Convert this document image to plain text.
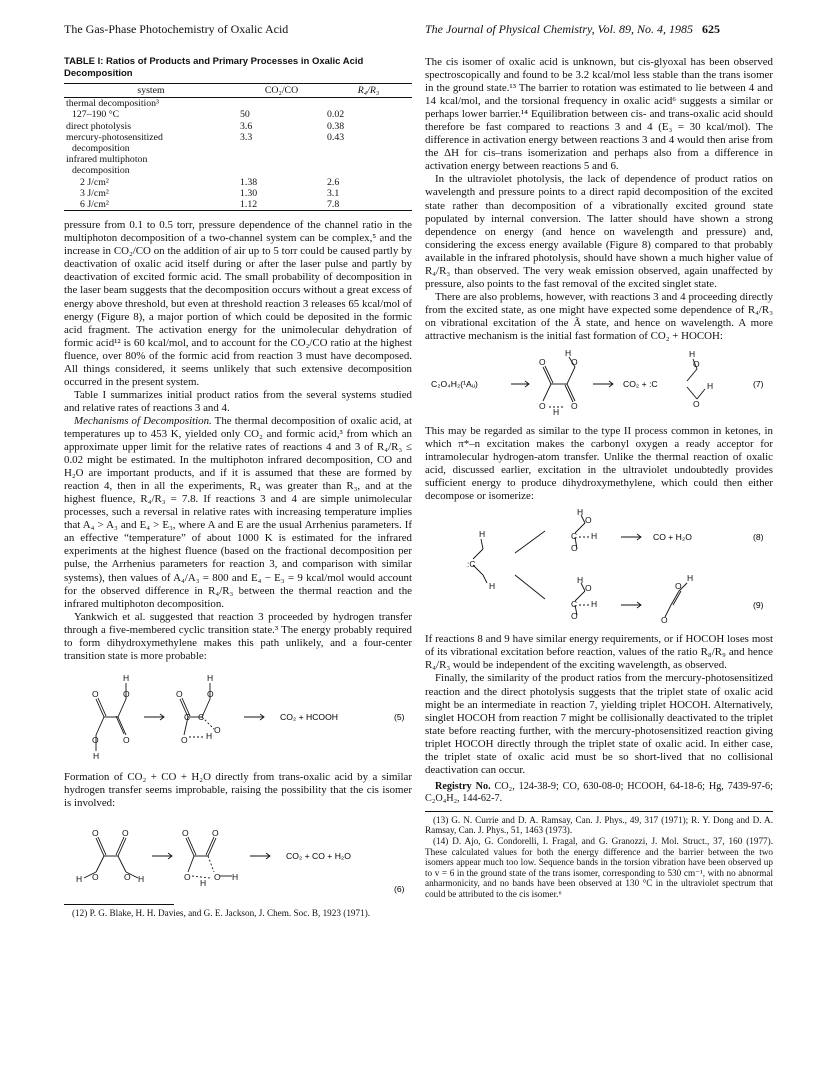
The Gas-Phase Photochemistry of Oxalic Acid	The Journal of Physical Chemistry, Vol. 89, No. 4, 1985 625
TABLE I: Ratios of Products and Primary Processes in Oxalic Acid Decomposition
system	CO₂/CO	R₄/R₃
thermal decomposition³		
127–190 °C	50	0.02
direct photolysis	3.6	0.38
mercury-photosensitized	3.3	0.43
decomposition		
infrared multiphoton		
decomposition		
2 J/cm²	1.38	2.6
3 J/cm²	1.30	3.1
6 J/cm²	1.12	7.8

pressure from 0.1 to 0.5 torr, pressure dependence of the channel ratio in the multiphoton decomposition of a two-channel system can be complex,⁵ and the increase in CO₂/CO on the addition of air up to 5 torr could be caused partly by deactivation of oxalic acid itself during or after the laser pulse and partly by deactivation of excited formic acid. The small probability of decomposition in the laser beam suggests that the decomposition occurs without a great excess of energy above threshold, but even at threshold reaction 3 releases 65 kcal/mol of energy (Figure 8), a major portion of which could be deposited in the formic acid fragment. The activation energy for the unimolecular dehydration of formic acid¹² is 60 kcal/mol, and to account for the CO₂/CO ratio at the highest fluence, over 80% of the formic acid from reaction 3 must have decomposed. All things considered, it seems unlikely that such extensive decomposition occurred in the present system.

Table I summarizes initial product ratios from the several systems studied and relative rates of reactions 3 and 4.

Mechanisms of Decomposition. The thermal decomposition of oxalic acid, at temperatures up to 453 K, yielded only CO₂ and formic acid,³ from which an approximate upper limit for the relative rates of reactions 4 and 3 of R₄/R₃ ≤ 0.02 might be estimated. In the multiphoton infrared decomposition, CO and H₂O are important products, and if it is assumed that these are formed by reaction 4, then in all the experiments, R₄ was greater than R₃, and at the highest fluence, R₄/R₃ = 7.8. If reactions 3 and 4 are simple unimolecular processes, such a reversal in relative rates with increasing temperature implies that A₄ > A₃ and E₄ > E₃, where A and E are the usual Arrhenius parameters. If an effective “temperature” of about 1000 K is estimated for the infrared experiments at the highest fluence (based on the fractional decomposition per pulse, the Arrhenius parameters for reaction 3, and comparison with similar systems), then values of A₄/A₃ = 800 and E₄ − E₃ = 9 kcal/mol would account for the observed difference in R₄/R₃ between the thermal reaction and the infrared multiphoton decomposition.

Yankwich et al. suggested that reaction 3 proceeded by hydrogen transfer through a five-membered cyclic transition state.³ The energy probably required to form dihydroxymethylene makes this path unlikely, and a four-center transition state is more probable:

O
O
H
O
H
O
O
O H
O
H
O
C C	CO₂ + HCOOH	(5)

Formation of CO₂ + CO + H₂O directly from trans-oxalic acid by a similar hydrogen transfer seems improbable, raising the possibility that the cis isomer is involved:

O	O
O
H	O H
O	O
O
H
O H
CO₂ + CO + H₂O
(6)

(12) P. G. Blake, H. H. Davies, and G. E. Jackson, J. Chem. Soc. B, 1923 (1971).

The cis isomer of oxalic acid is unknown, but cis-glyoxal has been observed spectroscopically and found to be 3.2 kcal/mol less stable than the trans isomer in the ground state.¹³ The barrier to rotation was estimated to lie between 4 and 14 kcal/mol, and the torsional frequency in oxalic acid⁶ suggests a similar or perhaps lower barrier.¹⁴ Equilibration between cis- and trans-oxalic acid should therefore be fast compared to reactions 3 and 4 (E₃ = 30 kcal/mol). The difference in activation energy between reactions 3 and 4 would then arise from the ΔH for cis–trans isomerization and perhaps also from a difference in activation energy between reactions 5 and 6.

In the ultraviolet photolysis, the lack of dependence of product ratios on wavelength and pressure points to a direct rapid decomposition of the excited state rather than decomposition of a vibrationally excited ground state populated by internal conversion. The latter should have shown a strong dependence on energy (and hence on wavelength and pressure) and, considering the excess energy available (Figure 8) compared to that probably available in the infrared photolysis, should have shown a much higher value of R₄/R₃ than observed. The very weak emission observed, again unaffected by pressure, also points to the fast removal of the excited singlet state.

There are also problems, however, with reactions 3 and 4 proceeding directly from the excited state, as one might have expected some dependence of R₄/R₃ on vibrational excitation of the Ã state, and hence on wavelength. A more attractive mechanism is the initial fast formation of CO₂ + HOCOH:

C₂O₄H₂(¹Aᵤ)
O	O
H
O	O
H
O
H
O
H
CO₂ + :C	(7)

This may be regarded as similar to the type II process common in ketones, in which π*–n excitation makes the carbonyl oxygen a ready acceptor for intramolecular hydrogen-atom transfer. Unlike the thermal reaction of oxalic acid, discussed earlier, excitation in the ultraviolet undoubtedly provides sufficient energy to produce dihydroxymethylene, which could then either decompose or isomerize:

H
:C
H
O
H
O
H
C
O
H
O
H
C
O
H
O
CO + H₂O	(8)
(9)

If reactions 8 and 9 have similar energy requirements, or if HOCOH loses most of its vibrational excitation before reaction, values of the ratio R₈/R₉ and hence R₄/R₃ would be independent of the exciting wavelength, as observed.

Finally, the similarity of the product ratios from the mercury-photosensitized reaction and the direct photolysis suggests that the triplet state of oxalic acid might be an intermediate in reaction 7, yielding triplet HOCOH. Alternatively, singlet HOCOH from reaction 7 might be collisionally deactivated to the triplet state before reacting further, with the mercury-photosensitized reaction giving triplet HOCOH directly through the triplet state of oxalic acid. In either case, the triplet state of oxalic acid must be so short-lived that no collisional deactivation can occur.

Registry No. CO₂, 124-38-9; CO, 630-08-0; HCOOH, 64-18-6; Hg, 7439-97-6; C₂O₄H₂, 144-62-7.

(13) G. N. Currie and D. A. Ramsay, Can. J. Phys., 49, 317 (1971); R. Y. Dong and D. A. Ramsay, Can. J. Phys., 51, 1463 (1973).

(14) D. Ajo, G. Condorelli, I. Fragal, and G. Granozzi, J. Mol. Struct., 37, 160 (1977). These calculated values for both the energy difference and the barrier between the two isomers appear much too low. Sequence bands in the torsion vibration have been observed up to v = 6 in the ground state of the trans isomer, corresponding to 530 cm⁻¹, with no abnormal anharmonicity, and no bands have been observed at 130 °C in the ultraviolet spectrum that could be attributed to the cis isomer.⁶
